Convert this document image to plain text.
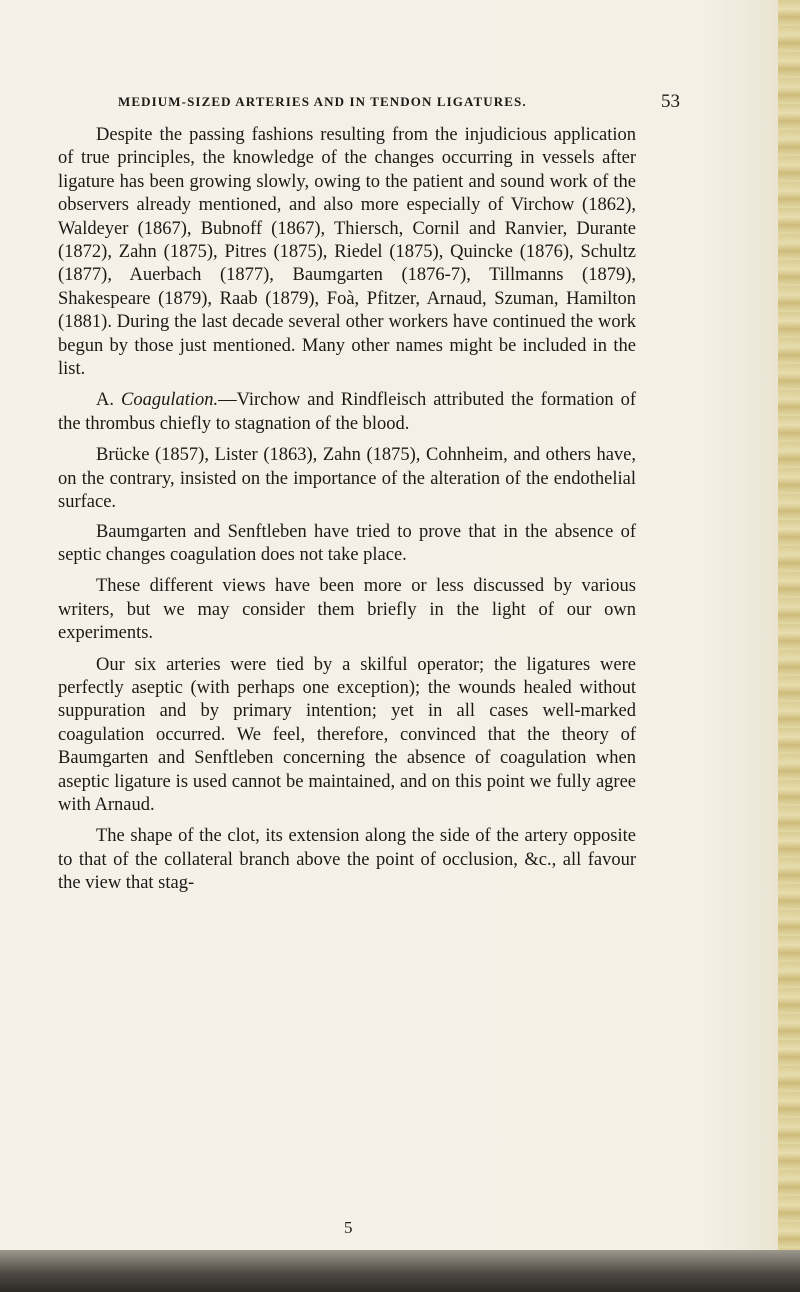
MEDIUM-SIZED ARTERIES AND IN TENDON LIGATURES.	53

Despite the passing fashions resulting from the injudicious application of true principles, the knowledge of the changes occurring in vessels after ligature has been growing slowly, owing to the patient and sound work of the observers already mentioned, and also more especially of Virchow (1862), Waldeyer (1867), Bubnoff (1867), Thiersch, Cornil and Ranvier, Durante (1872), Zahn (1875), Pitres (1875), Riedel (1875), Quincke (1876), Schultz (1877), Auerbach (1877), Baumgarten (1876-7), Tillmanns (1879), Shakespeare (1879), Raab (1879), Foà, Pfitzer, Arnaud, Szuman, Hamilton (1881). During the last decade several other workers have continued the work begun by those just mentioned. Many other names might be included in the list.

A. Coagulation.—Virchow and Rindfleisch attributed the formation of the thrombus chiefly to stagnation of the blood.

Brücke (1857), Lister (1863), Zahn (1875), Cohnheim, and others have, on the contrary, insisted on the importance of the alteration of the endothelial surface.

Baumgarten and Senftleben have tried to prove that in the absence of septic changes coagulation does not take place.

These different views have been more or less discussed by various writers, but we may consider them briefly in the light of our own experiments.

Our six arteries were tied by a skilful operator; the ligatures were perfectly aseptic (with perhaps one exception); the wounds healed without suppuration and by primary intention; yet in all cases well-marked coagulation occurred. We feel, therefore, convinced that the theory of Baumgarten and Senftleben concerning the absence of coagulation when aseptic ligature is used cannot be maintained, and on this point we fully agree with Arnaud.

The shape of the clot, its extension along the side of the artery opposite to that of the collateral branch above the point of occlusion, &c., all favour the view that stag-

5
